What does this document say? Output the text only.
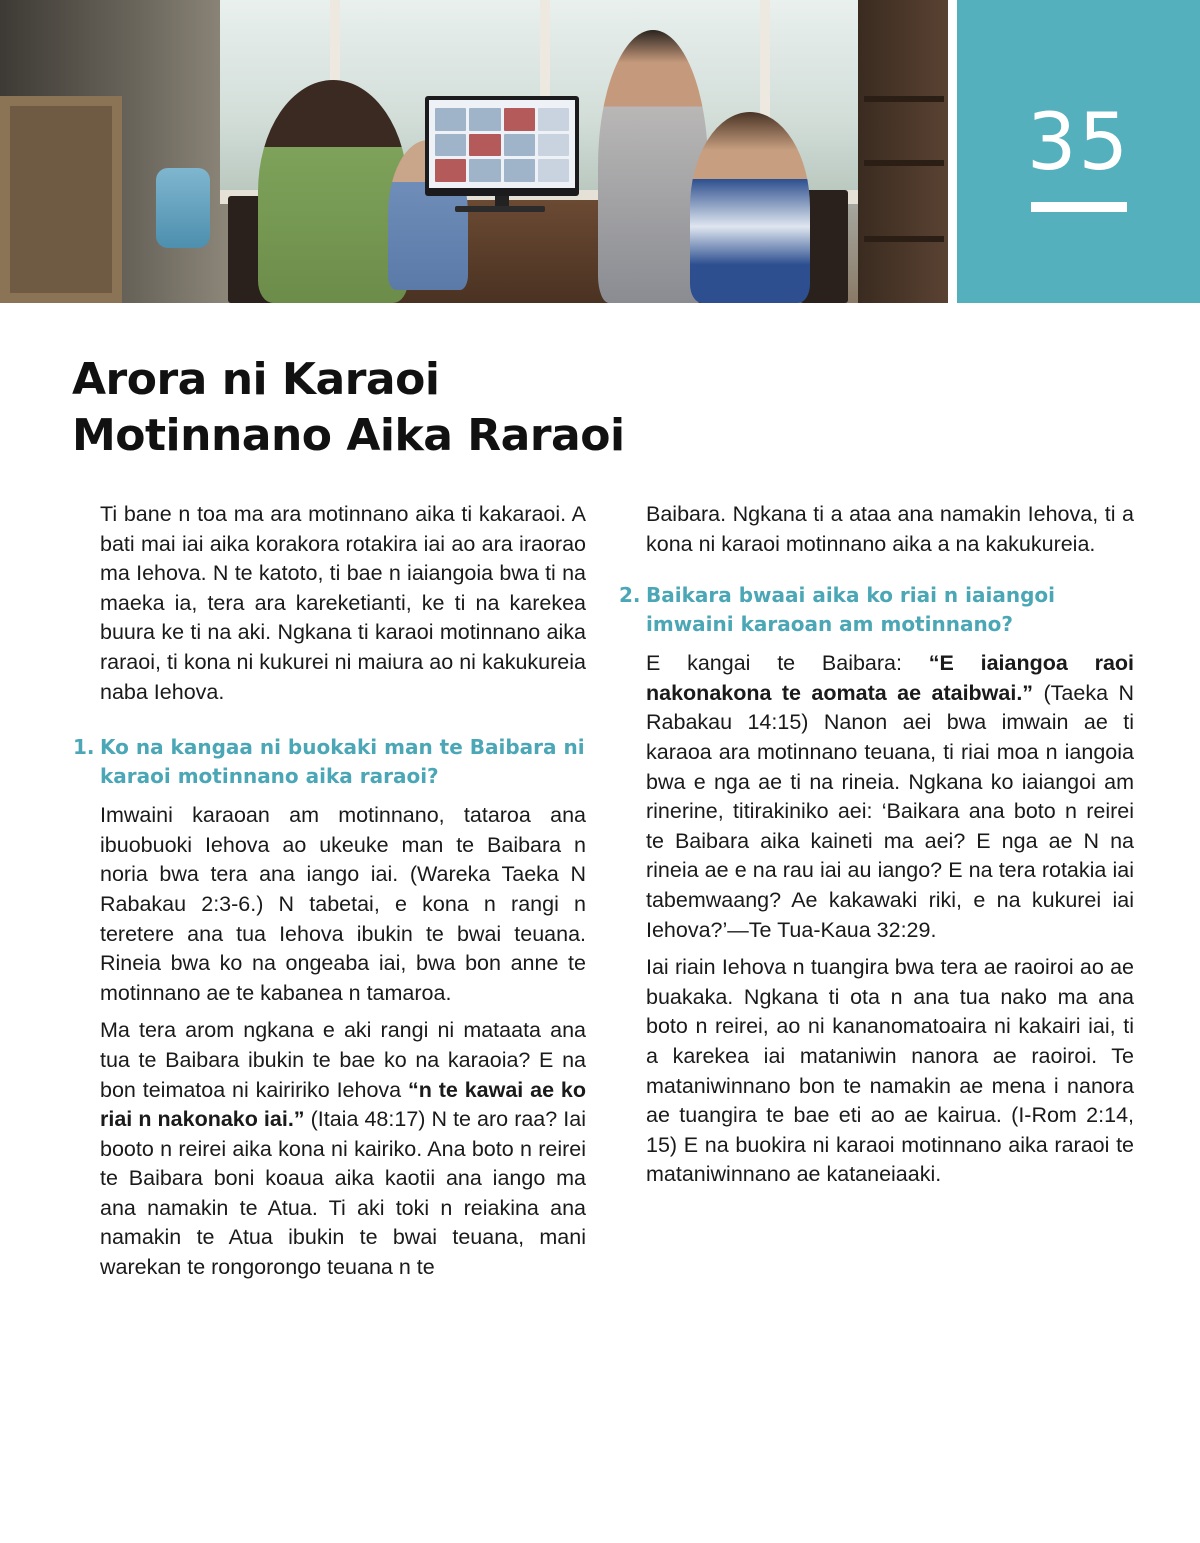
35
Arora ni Karaoi
Motinnano Aika Raraoi

Ti bane n toa ma ara motinnano aika ti kakaraoi. A bati mai iai aika korakora rotakira iai ao ara iraorao ma Iehova. N te katoto, ti bae n iaiangoia bwa ti na maeka ia, tera ara kareketianti, ke ti na karekea buura ke ti na aki. Ngkana ti karaoi motinnano aika raraoi, ti kona ni kukurei ni maiura ao ni kakukureia naba Iehova.

1. Ko na kangaa ni buokaki man te Baibara ni karaoi motinnano aika raraoi?

Imwaini karaoan am motinnano, tataroa ana ibuobuoki Iehova ao ukeuke man te Baibara n noria bwa tera ana iango iai. (Wareka Taeka N Rabakau 2:3-6.) N tabetai, e kona n rangi n teretere ana tua Iehova ibukin te bwai teuana. Rineia bwa ko na ongeaba iai, bwa bon anne te motinnano ae te kabanea n tamaroa.

Ma tera arom ngkana e aki rangi ni mataata ana tua te Baibara ibukin te bae ko na karaoia? E na bon teimatoa ni kaiririko Iehova “n te kawai ae ko riai n nakonako iai.” (Itaia 48:17) N te aro raa? Iai booto n reirei aika kona ni kairiko. Ana boto n reirei te Baibara boni koaua aika kaotii ana iango ma ana namakin te Atua. Ti aki toki n reiakina ana namakin te Atua ibukin te bwai teuana, mani warekan te rongorongo teuana n te

Baibara. Ngkana ti a ataa ana namakin Iehova, ti a kona ni karaoi motinnano aika a na kakukureia.

2. Baikara bwaai aika ko riai n iaiangoi imwaini karaoan am motinnano?

E kangai te Baibara: “E iaiangoa raoi nakonakona te aomata ae ataibwai.” (Taeka N Rabakau 14:15) Nanon aei bwa imwain ae ti karaoa ara motinnano teuana, ti riai moa n iangoia bwa e nga ae ti na rineia. Ngkana ko iaiangoi am rinerine, titirakiniko aei: ‘Baikara ana boto n reirei te Baibara aika kaineti ma aei? E nga ae N na rineia ae e na rau iai au iango? E na tera rotakia iai tabemwaang? Ae kakawaki riki, e na kukurei iai Iehova?’—Te Tua-Kaua 32:29.

Iai riain Iehova n tuangira bwa tera ae raoiroi ao ae buakaka. Ngkana ti ota n ana tua nako ma ana boto n reirei, ao ni kananomatoaira ni kakairi iai, ti a karekea iai mataniwin nanora ae raoiroi. Te mataniwinnano bon te namakin ae mena i nanora ae tuangira te bae eti ao ae kairua. (I-Rom 2:14, 15) E na buokira ni karaoi motinnano aika raraoi te mataniwinnano ae kataneiaaki.
